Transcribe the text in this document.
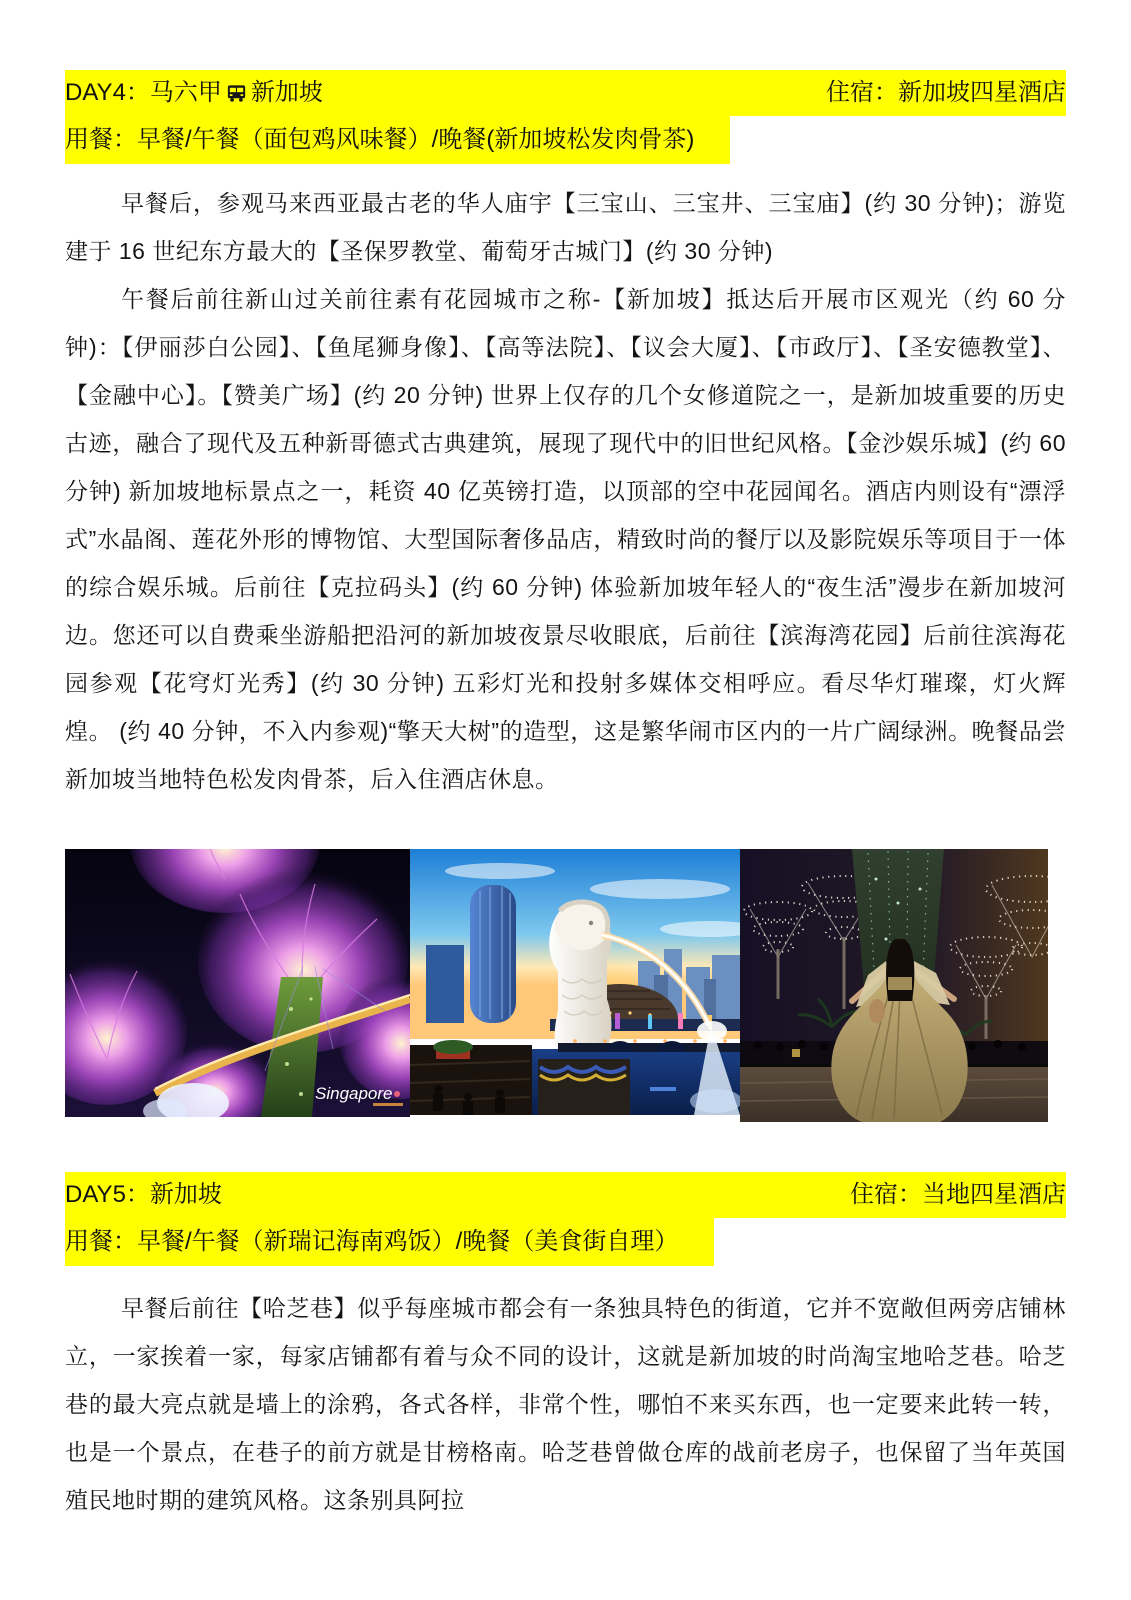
DAY4：马六甲 新加坡	住宿：新加坡四星酒店
用餐：早餐/午餐（面包鸡风味餐）/晚餐(新加坡松发肉骨茶)

早餐后，参观马来西亚最古老的华人庙宇【三宝山、三宝井、三宝庙】(约 30 分钟)；游览建于 16 世纪东方最大的【圣保罗教堂、葡萄牙古城门】(约 30 分钟)

午餐后前往新山过关前往素有花园城市之称-【新加坡】抵达后开展市区观光（约 60 分钟)：【伊丽莎白公园】、【鱼尾狮身像】、【高等法院】、【议会大厦】、【市政厅】、【圣安德教堂】、【金融中心】。【赞美广场】(约 20 分钟) 世界上仅存的几个女修道院之一，是新加坡重要的历史古迹，融合了现代及五种新哥德式古典建筑，展现了现代中的旧世纪风格。【金沙娱乐城】(约 60 分钟) 新加坡地标景点之一，耗资 40 亿英镑打造，以顶部的空中花园闻名。酒店内则设有“漂浮式”水晶阁、莲花外形的博物馆、大型国际奢侈品店，精致时尚的餐厅以及影院娱乐等项目于一体的综合娱乐城。后前往【克拉码头】(约 60 分钟) 体验新加坡年轻人的“夜生活”漫步在新加坡河边。您还可以自费乘坐游船把沿河的新加坡夜景尽收眼底，后前往【滨海湾花园】后前往滨海花园参观【花穹灯光秀】(约 30 分钟) 五彩灯光和投射多媒体交相呼应。看尽华灯璀璨，灯火辉煌。 (约 40 分钟，不入内参观)“擎天大树”的造型，这是繁华闹市区内的一片广阔绿洲。晚餐品尝新加坡当地特色松发肉骨茶，后入住酒店休息。

Singapore
DAY5：新加坡	住宿：当地四星酒店
用餐：早餐/午餐（新瑞记海南鸡饭）/晚餐（美食街自理）

早餐后前往【哈芝巷】似乎每座城市都会有一条独具特色的街道，它并不宽敞但两旁店铺林立，一家挨着一家，每家店铺都有着与众不同的设计，这就是新加坡的时尚淘宝地哈芝巷。哈芝巷的最大亮点就是墙上的涂鸦，各式各样，非常个性，哪怕不来买东西，也一定要来此转一转，也是一个景点，在巷子的前方就是甘榜格南。哈芝巷曾做仓库的战前老房子，也保留了当年英国殖民地时期的建筑风格。这条别具阿拉
